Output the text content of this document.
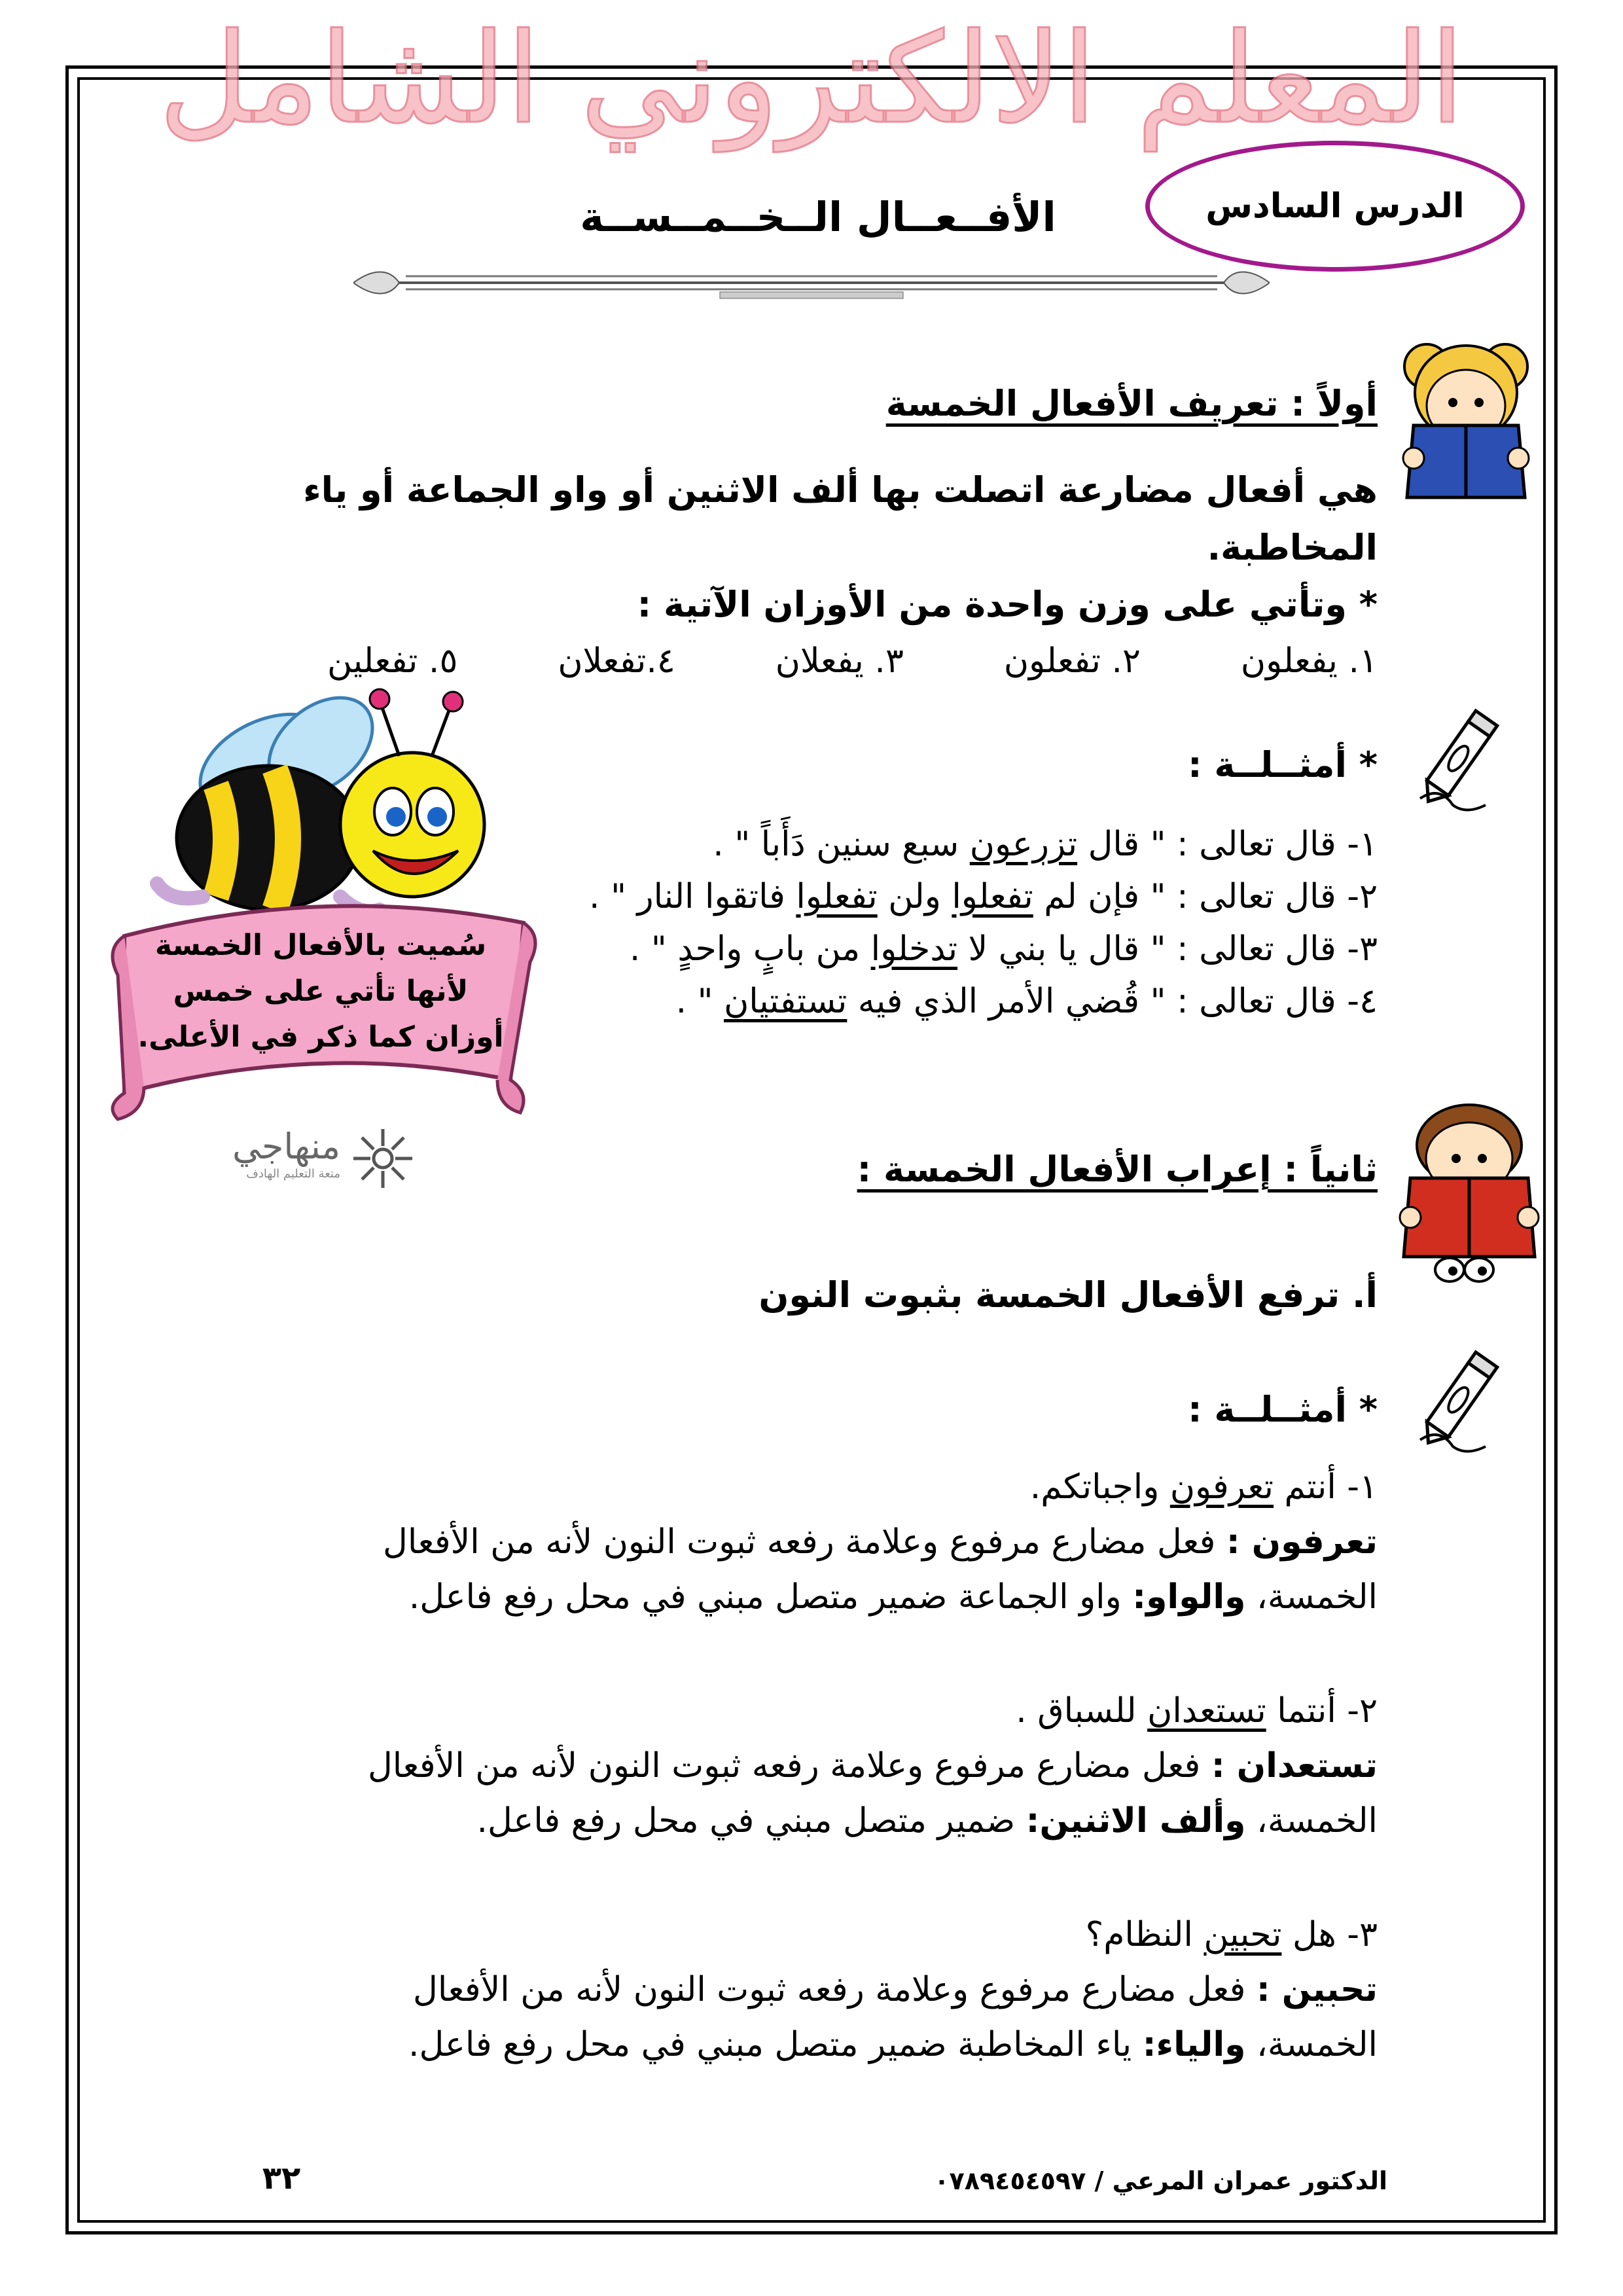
المعلم الالكتروني الشامل
الدرس السادس
الأفــعــال الــخــمــســة
أولاً : تعريف الأفعال الخمسة
هي أفعال مضارعة اتصلت بها ألف الاثنين أو واو الجماعة أو ياء
المخاطبة.
* وتأتي على وزن واحدة من الأوزان الآتية :
١. يفعلون
٢. تفعلون
٣. يفعلان
٤.تفعلان
٥. تفعلين
* أمثــلــة :
١- قال تعالى : " قال تزرعون سبع سنين دَأَباً " .
٢- قال تعالى : " فإن لم تفعلوا ولن تفعلوا فاتقوا النار " .
٣- قال تعالى : " قال يا بني لا تدخلوا من بابٍ واحدٍ " .
٤- قال تعالى : " قُضي الأمر الذي فيه تستفتيان " .
سُميت بالأفعال الخمسة
لأنها تأتي على خمس
أوزان كما ذكر في الأعلى.
منهاجي
متعة التعليم الهادف	ثانياً : إعراب الأفعال الخمسة :
أ. ترفع الأفعال الخمسة بثبوت النون
* أمثــلــة :
١- أنتم تعرفون واجباتكم.
تعرفون : فعل مضارع مرفوع وعلامة رفعه ثبوت النون لأنه من الأفعال
الخمسة، والواو: واو الجماعة ضمير متصل مبني في محل رفع فاعل.
٢- أنتما تستعدان للسباق .
تستعدان : فعل مضارع مرفوع وعلامة رفعه ثبوت النون لأنه من الأفعال
الخمسة، وألف الاثنين: ضمير متصل مبني في محل رفع فاعل.
٣- هل تحبين النظام؟
تحبين : فعل مضارع مرفوع وعلامة رفعه ثبوت النون لأنه من الأفعال
الخمسة، والياء: ياء المخاطبة ضمير متصل مبني في محل رفع فاعل.
الدكتور عمران المرعي / ٠٧٨٩٤٥٤٥٩٧
٣٢
